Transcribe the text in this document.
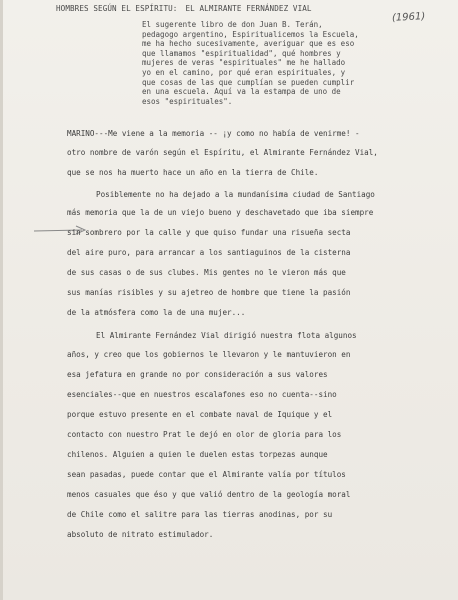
HOMBRES SEGÚN EL ESPÍRITU: EL ALMIRANTE FERNÁNDEZ VIAL
(1961)
El sugerente libro de don Juan B. Terán,
pedagogo argentino, Espiritualicemos la Escuela,
me ha hecho sucesivamente, averiguar que es eso
que llamamos "espiritualidad", qué hombres y
mujeres de veras "espirituales" me he hallado
yo en el camino, por qué eran espirituales, y
que cosas de las que cumplían se pueden cumplir
en una escuela. Aquí va la estampa de uno de
esos "espirituales".
MARINO---Me viene a la memoria -- ¡y como no había de venirme! -
otro nombre de varón según el Espíritu, el Almirante Fernández Vial,
que se nos ha muerto hace un año en la tierra de Chile.
Posiblemente no ha dejado a la mundanísima ciudad de Santiago
más memoria que la de un viejo bueno y deschavetado que iba siempre
sin sombrero por la calle y que quiso fundar una risueña secta
del aire puro, para arrancar a los santiaguinos de la cisterna
de sus casas o de sus clubes. Mis gentes no le vieron más que
sus manías risibles y su ajetreo de hombre que tiene la pasión
de la atmósfera como la de una mujer...
El Almirante Fernández Vial dirigió nuestra flota algunos
años, y creo que los gobiernos le llevaron y le mantuvieron en
esa jefatura en grande no por consideración a sus valores
esenciales--que en nuestros escalafones eso no cuenta--sino
porque estuvo presente en el combate naval de Iquique y el
contacto con nuestro Prat le dejó en olor de gloria para los
chilenos. Alguien a quien le duelen estas torpezas aunque
sean pasadas, puede contar que el Almirante valía por títulos
menos casuales que éso y que valió dentro de la geología moral
de Chile como el salitre para las tierras anodinas, por su
absoluto de nitrato estimulador.
